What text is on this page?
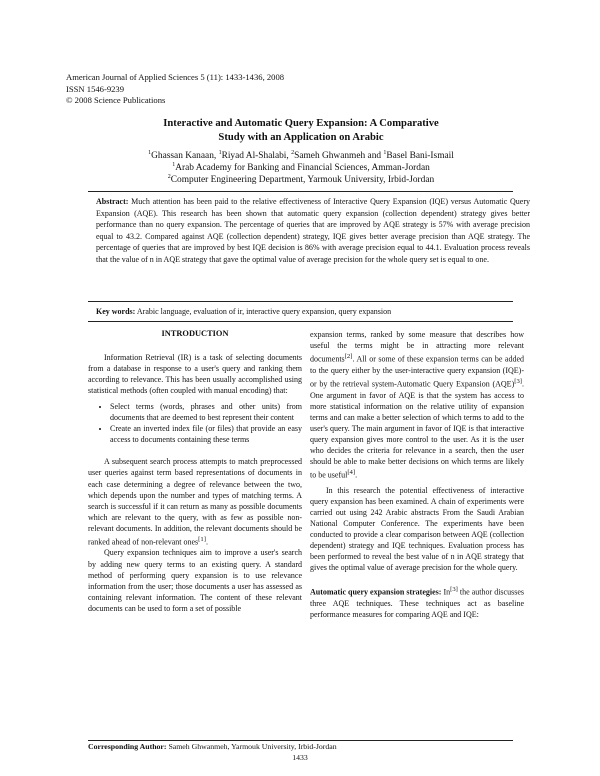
American Journal of Applied Sciences 5 (11): 1433-1436, 2008
ISSN 1546-9239
© 2008 Science Publications
Interactive and Automatic Query Expansion: A Comparative
Study with an Application on Arabic
$^1$Ghassan Kanaan, $^1$Riyad Al-Shalabi, $^2$Sameh Ghwanmeh and $^1$Basel Bani-Ismail
$^1$Arab Academy for Banking and Financial Sciences, Amman-Jordan
$^2$Computer Engineering Department, Yarmouk University, Irbid-Jordan
Abstract: Much attention has been paid to the relative effectiveness of Interactive Query Expansion (IQE) versus Automatic Query Expansion (AQE). This research has been shown that automatic query expansion (collection dependent) strategy gives better performance than no query expansion. The percentage of queries that are improved by AQE strategy is 57% with average precision equal to 43.2. Compared against AQE (collection dependent) strategy, IQE gives better average precision than AQE strategy. The percentage of queries that are improved by best IQE decision is 86% with average precision equal to 44.1. Evaluation process reveals that the value of n in AQE strategy that gave the optimal value of average precision for the whole query set is equal to one.
Key words: Arabic language, evaluation of ir, interactive query expansion, query expansion
INTRODUCTION

Information Retrieval (IR) is a task of selecting documents from a database in response to a user's query and ranking them according to relevance. This has been usually accomplished using statistical methods (often coupled with manual encoding) that:

• Select terms (words, phrases and other units) from documents that are deemed to best represent their content
• Create an inverted index file (or files) that provide an easy access to documents containing these terms

A subsequent search process attempts to match preprocessed user queries against term based representations of documents in each case determining a degree of relevance between the two, which depends upon the number and types of matching terms. A search is successful if it can return as many as possible documents which are relevant to the query, with as few as possible non-relevant documents. In addition, the relevant documents should be ranked ahead of non-relevant ones[1].

Query expansion techniques aim to improve a user's search by adding new query terms to an existing query. A standard method of performing query expansion is to use relevance information from the user; those documents a user has assessed as containing relevant information. The content of these relevant documents can be used to form a set of possible

expansion terms, ranked by some measure that describes how useful the terms might be in attracting more relevant documents[2]. All or some of these expansion terms can be added to the query either by the user-interactive query expansion (IQE)-or by the retrieval system-Automatic Query Expansion (AQE)[3]. One argument in favor of AQE is that the system has access to more statistical information on the relative utility of expansion terms and can make a better selection of which terms to add to the user's query. The main argument in favor of IQE is that interactive query expansion gives more control to the user. As it is the user who decides the criteria for relevance in a search, then the user should be able to make better decisions on which terms are likely to be useful[4].

In this research the potential effectiveness of interactive query expansion has been examined. A chain of experiments were carried out using 242 Arabic abstracts From the Saudi Arabian National Computer Conference. The experiments have been conducted to provide a clear comparison between AQE (collection dependent) strategy and IQE techniques. Evaluation process has been performed to reveal the best value of n in AQE strategy that gives the optimal value of average precision for the whole query.

Automatic query expansion strategies: In[3] the author discusses three AQE techniques. These techniques act as baseline performance measures for comparing AQE and IQE:

Corresponding Author: Sameh Ghwanmeh, Yarmouk University, Irbid-Jordan
1433
